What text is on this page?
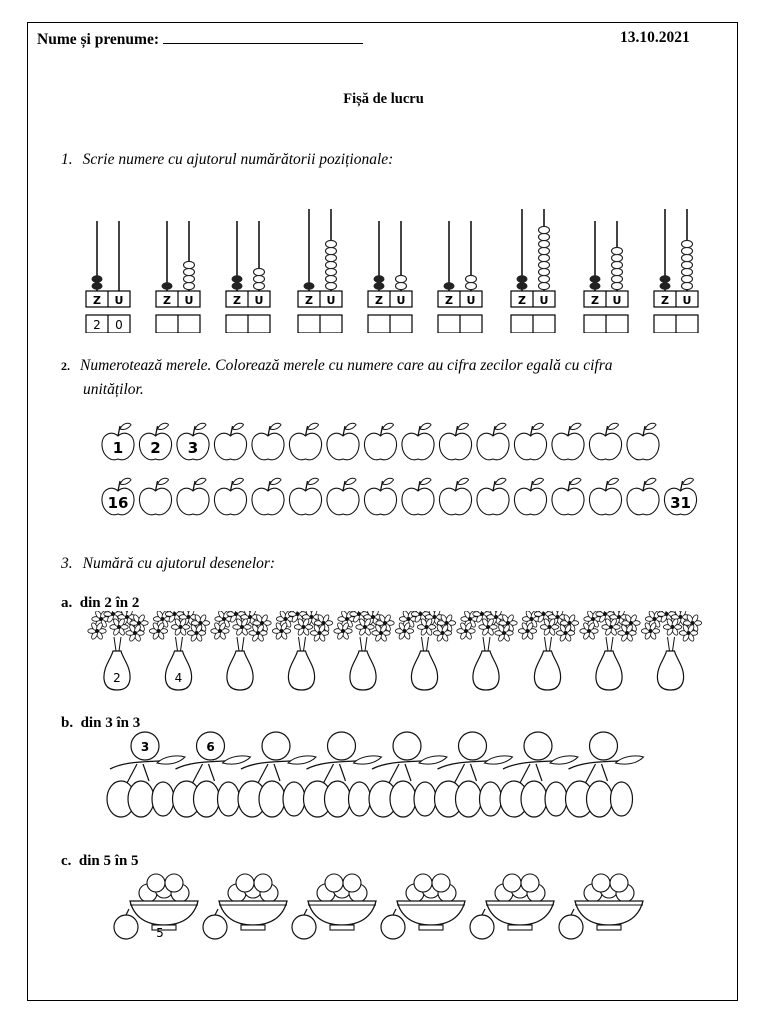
Nume și prenume:	13.10.2021
Fișă de lucru
1. Scrie numere cu ajutorul numărătorii poziționale:
Z U
2 0
Z U	Z U	Z U	Z U	Z U	Z U	Z U	Z U
2. Numerotează merele. Colorează merele cu numere care au cifra zecilor egală cu cifra
unităților.
1 2 3
16	31
3. Numără cu ajutorul desenelor:
a. din 2 în 2
2	4
b. din 3 în 3
3	6
c. din 5 în 5
5
